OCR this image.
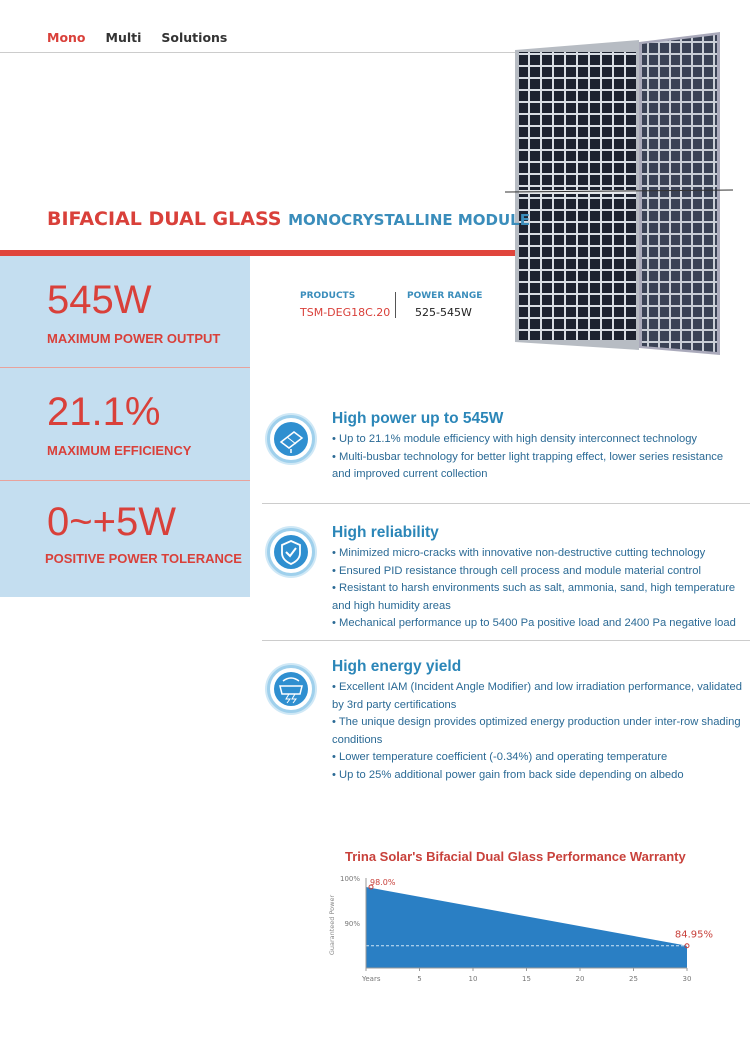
Mono Multi Solutions
BIFACIAL DUAL GLASS MONOCRYSTALLINE MODULE
545W
MAXIMUM POWER OUTPUT
21.1%
MAXIMUM EFFICIENCY
0~+5W
POSITIVE POWER TOLERANCE
PRODUCTS
TSM-DEG18C.20
POWER RANGE
525-545W
High power up to 545W

• Up to 21.1% module efficiency with high density interconnect technology

• Multi-busbar technology for better light trapping effect, lower series resistance and improved current collection

High reliability

• Minimized micro-cracks with innovative non-destructive cutting technology

• Ensured PID resistance through cell process and module material control

• Resistant to harsh environments such as salt, ammonia, sand, high temperature and high humidity areas

• Mechanical performance up to 5400 Pa positive load and 2400 Pa negative load

High energy yield

• Excellent IAM (Incident Angle Modifier) and low irradiation performance, validated by 3rd party certifications

• The unique design provides optimized energy production under inter-row shading conditions

• Lower temperature coefficient (-0.34%) and operating temperature

• Up to 25% additional power gain from back side depending on albedo

Trina Solar's Bifacial Dual Glass Performance Warranty
100%
90%
Years	5	10	15	20	25	30
Guaranteed Power
98.0%
84.95%
